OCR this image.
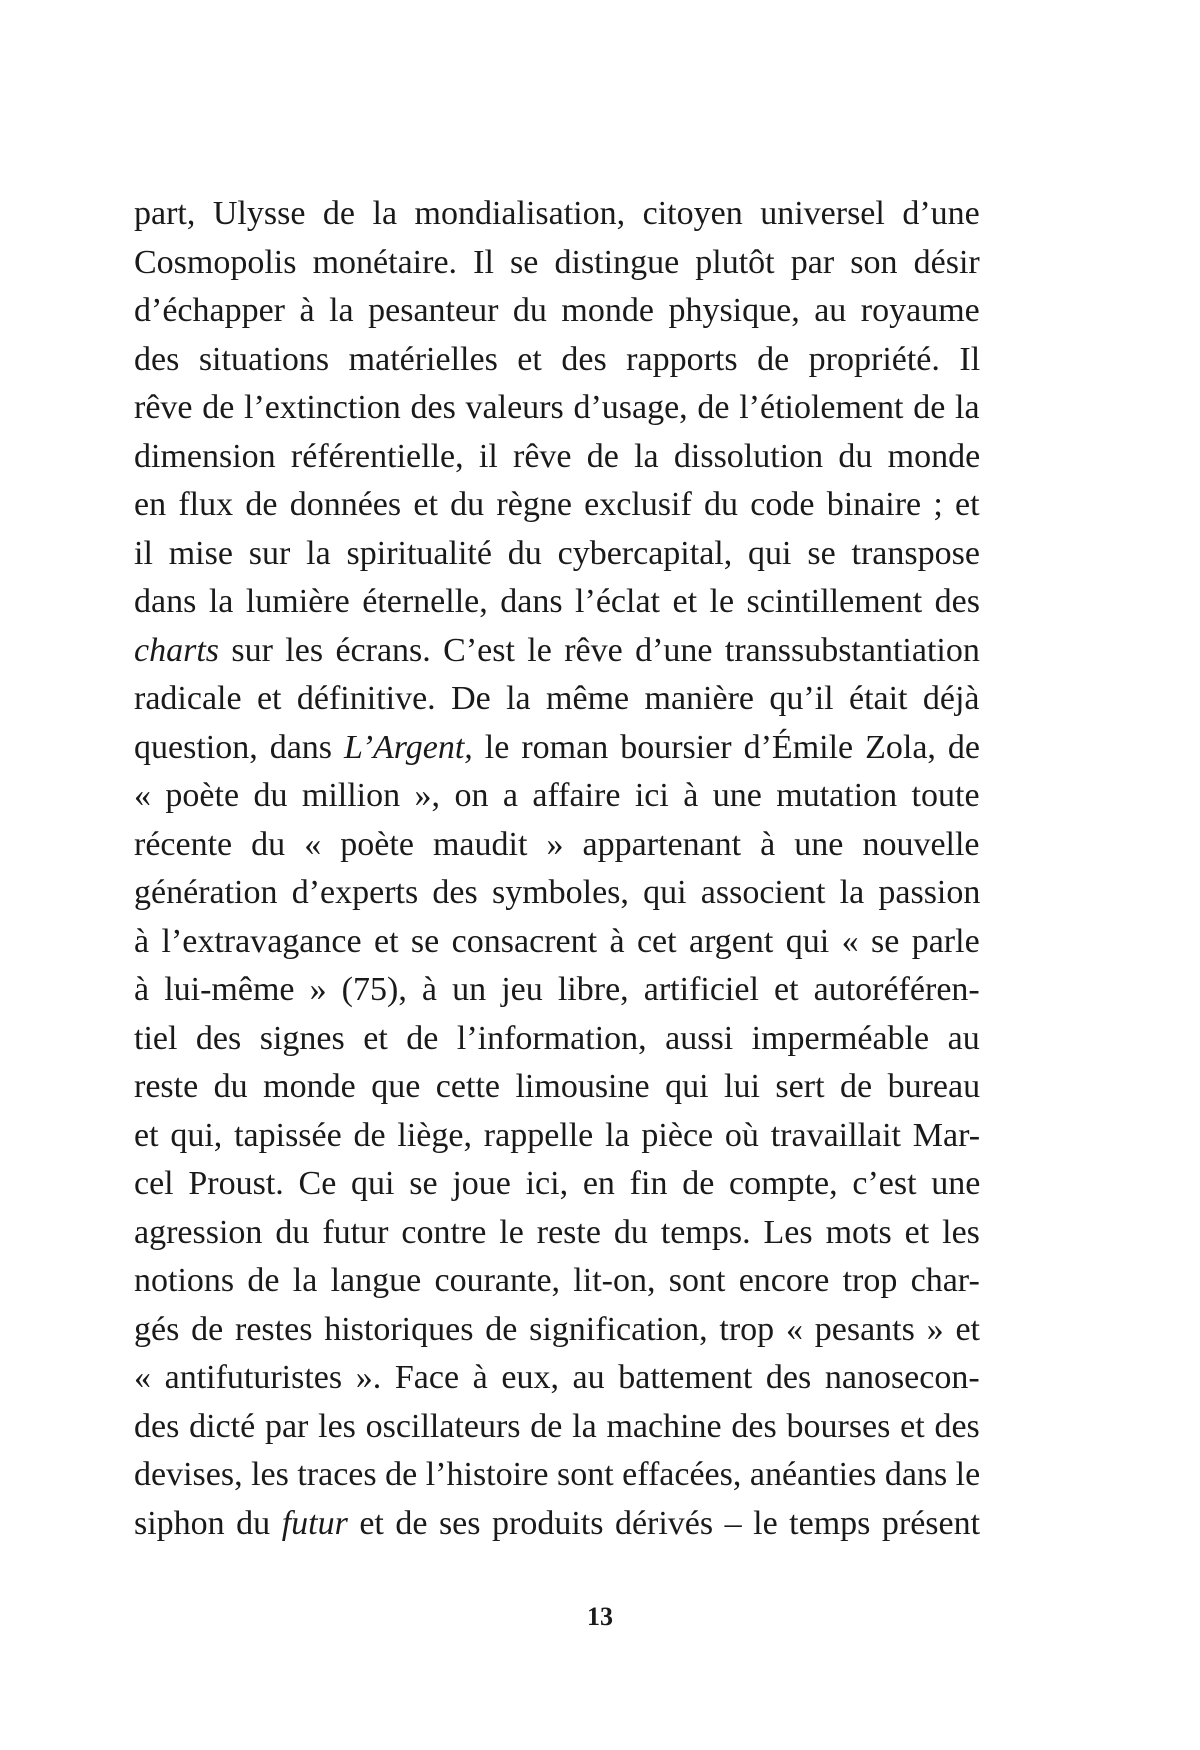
part, Ulysse de la mondialisation, citoyen universel d’une
Cosmopolis monétaire. Il se distingue plutôt par son désir
d’échapper à la pesanteur du monde physique, au royaume
des situations matérielles et des rapports de propriété. Il
rêve de l’extinction des valeurs d’usage, de l’étiolement de la
dimension référentielle, il rêve de la dissolution du monde
en flux de données et du règne exclusif du code binaire ; et
il mise sur la spiritualité du cybercapital, qui se transpose
dans la lumière éternelle, dans l’éclat et le scintillement des
charts sur les écrans. C’est le rêve d’une transsubstantiation
radicale et définitive. De la même manière qu’il était déjà
question, dans L’Argent, le roman boursier d’Émile Zola, de
« poète du million », on a affaire ici à une mutation toute
récente du « poète maudit » appartenant à une nouvelle
génération d’experts des symboles, qui associent la passion
à l’extravagance et se consacrent à cet argent qui « se parle
à lui-même » (75), à un jeu libre, artificiel et autoréféren-
tiel des signes et de l’information, aussi imperméable au
reste du monde que cette limousine qui lui sert de bureau
et qui, tapissée de liège, rappelle la pièce où travaillait Mar-
cel Proust. Ce qui se joue ici, en fin de compte, c’est une
agression du futur contre le reste du temps. Les mots et les
notions de la langue courante, lit-on, sont encore trop char-
gés de restes historiques de signification, trop « pesants » et
« antifuturistes ». Face à eux, au battement des nanosecon-
des dicté par les oscillateurs de la machine des bourses et des
devises, les traces de l’histoire sont effacées, anéanties dans le
siphon du futur et de ses produits dérivés – le temps présent
13
